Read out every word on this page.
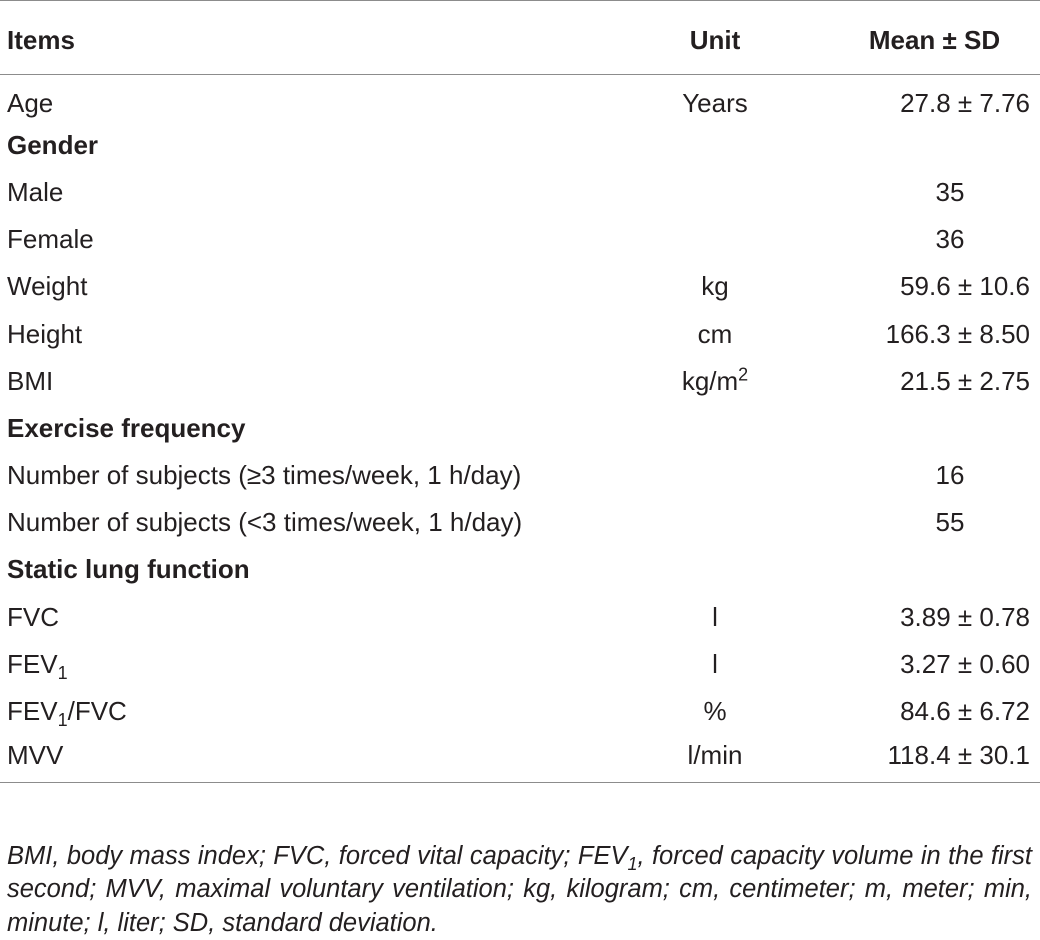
Items	Unit	Mean ± SD
Age	Years	27.8 ± 7.76
Gender		
Male		35
Female		36
Weight	kg	59.6 ± 10.6
Height	cm	166.3 ± 8.50
BMI	$kg/m^2$	21.5 ± 2.75
Exercise frequency		
Number of subjects (≥3 times/week, 1 h/day)		16
Number of subjects (<3 times/week, 1 h/day)		55
Static lung function		
FVC	l	3.89 ± 0.78
$FEV_1$	l	3.27 ± 0.60
$FEV_1$/FVC	%	84.6 ± 6.72
MVV	l/min	118.4 ± 30.1

BMI, body mass index; FVC, forced vital capacity; $FEV_1$, forced capacity volume in the first second; MVV, maximal voluntary ventilation; kg, kilogram; cm, centimeter; m, meter; min, minute; l, liter; SD, standard deviation.
